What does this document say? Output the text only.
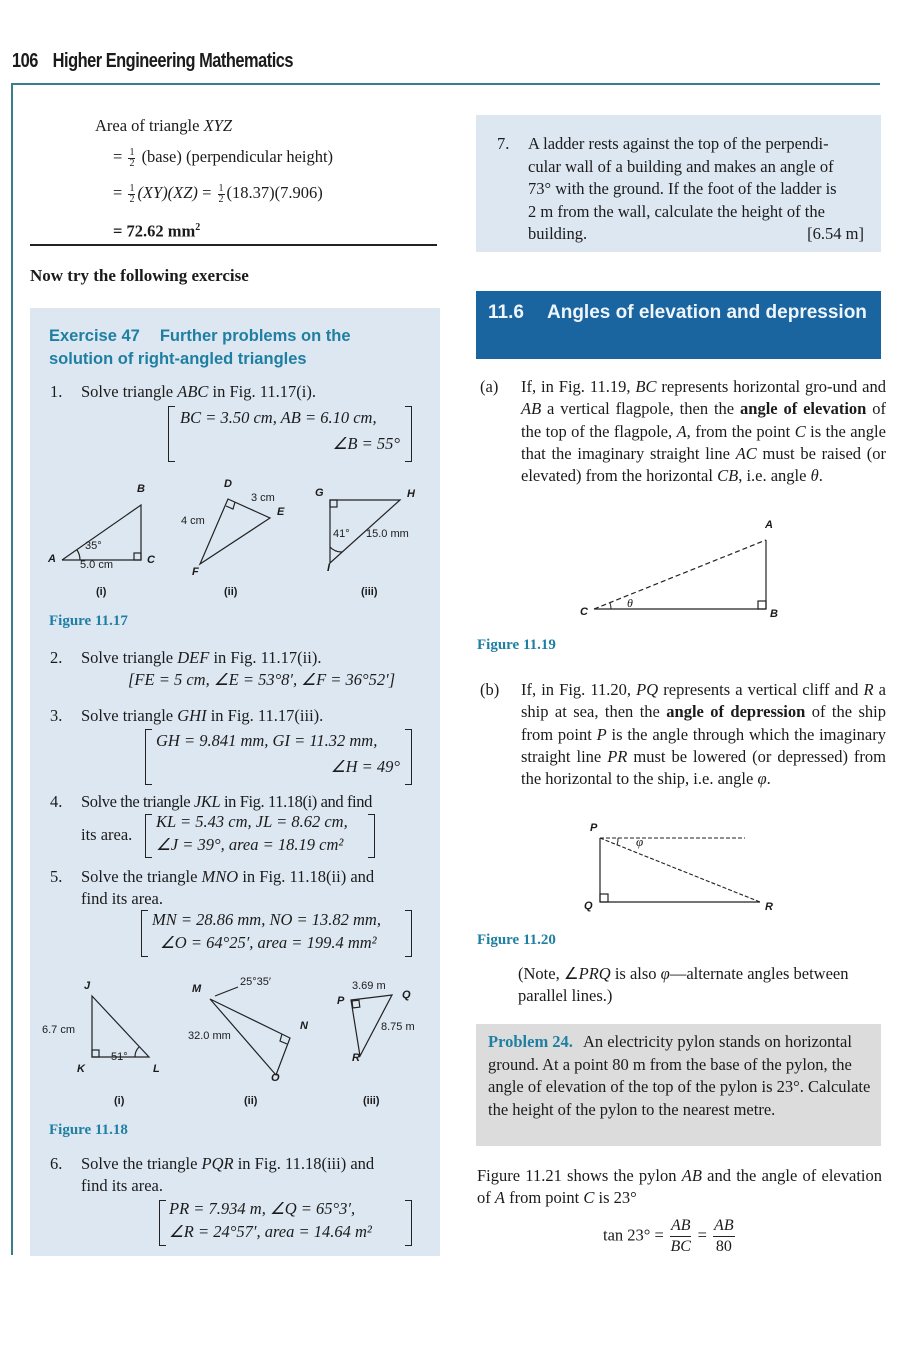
106 Higher Engineering Mathematics
Area of triangle XYZ
= $\frac{1}{2}$ (base) (perpendicular height)
= $\frac{1}{2} (XY)(XZ) = \frac{1}{2} (18.37)(7.906)$
= 72.62 $mm^2$
Now try the following exercise
Exercise 47 Further problems on the
solution of right-angled triangles
1. Solve triangle ABC in Fig. 11.17(i).
BC = 3.50 cm, AB = 6.10 cm,
∠B = 55°
B
A	C
35°
5.0 cm
(i)
D
E
F
3 cm
4 cm
(ii)
G	H
I
41° 15.0 mm
(iii)
Figure 11.17
2. Solve triangle DEF in Fig. 11.17(ii).
[FE = 5 cm, ∠E = 53°8′, ∠F = 36°52′]
3. Solve triangle GHI in Fig. 11.17(iii).
GH = 9.841 mm, GI = 11.32 mm,
∠H = 49°
4. Solve the triangle JKL in Fig. 11.18(i) and find
its area.
KL = 5.43 cm, JL = 8.62 cm,
∠J = 39°, area = 18.19 cm²
5. Solve the triangle MNO in Fig. 11.18(ii) and
find its area.
MN = 28.86 mm, NO = 13.82 mm,
∠O = 64°25′, area = 199.4 mm²
J
K	L
6.7 cm
51°
(i)
M
N
O
25°35′
32.0 mm
(ii)
P	Q
R
3.69 m
8.75 m
(iii)
Figure 11.18
6. Solve the triangle PQR in Fig. 11.18(iii) and
find its area.
PR = 7.934 m, ∠Q = 65°3′,
∠R = 24°57′, area = 14.64 m²
7. A ladder rests against the top of the perpendi-
cular wall of a building and makes an angle of
73° with the ground. If the foot of the ladder is
2 m from the wall, calculate the height of the
building.	[6.54 m]
11.6 Angles of elevation and depression
(a) If, in Fig. 11.19, BC represents horizontal gro-und and AB a vertical flagpole, then the angle of elevation of the top of the flagpole, A, from the point C is the angle that the imaginary straight line AC must be raised (or elevated) from the horizontal CB, i.e. angle θ.
A
B
C
θ
Figure 11.19
(b) If, in Fig. 11.20, PQ represents a vertical cliff and R a ship at sea, then the angle of depression of the ship from point P is the angle through which the imaginary straight line PR must be lowered (or depressed) from the horizontal to the ship, i.e. angle φ.
P
Q	R
φ
Figure 11.20
(Note, ∠PRQ is also φ—alternate angles between parallel lines.)
Problem 24. An electricity pylon stands on horizontal ground. At a point 80 m from the base of the pylon, the angle of elevation of the top of the pylon is 23°. Calculate the height of the pylon to the nearest metre.
Figure 11.21 shows the pylon AB and the angle of elevation of A from point C is 23°
$\tan 23^\circ = \frac{AB}{BC} = \frac{AB}{80}$
